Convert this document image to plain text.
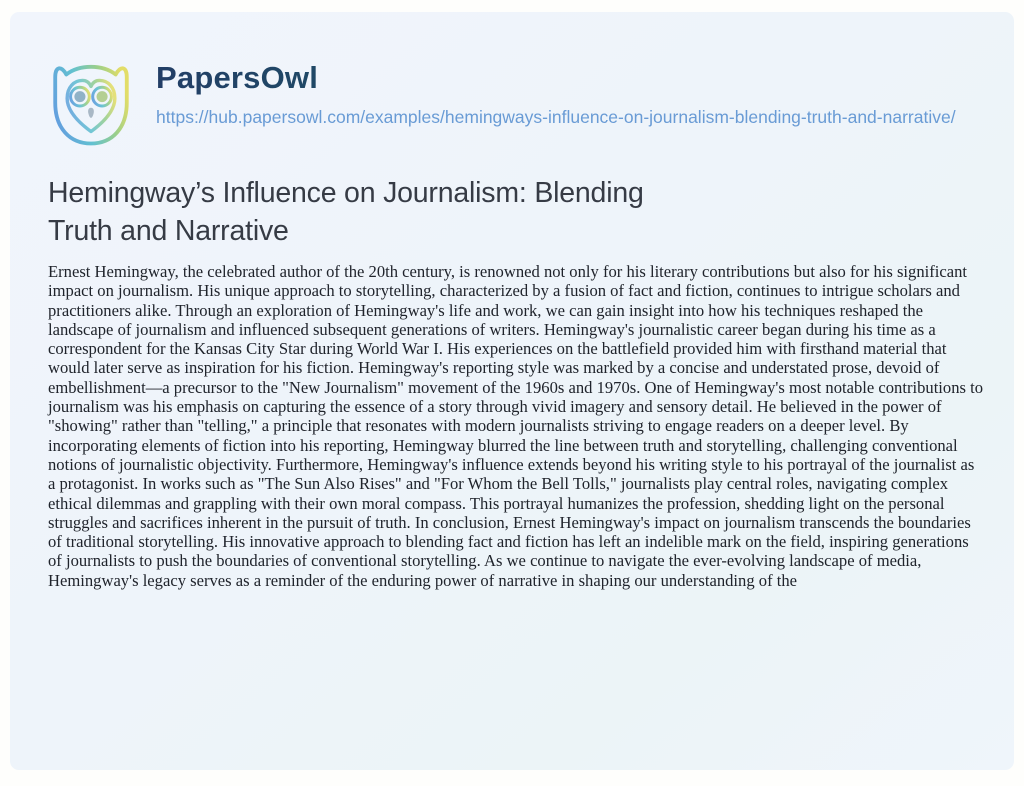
PapersOwl
https://hub.papersowl.com/examples/hemingways-influence-on-journalism-blending-truth-and-narrative/
Hemingway’s Influence on Journalism: Blending Truth and Narrative

Ernest Hemingway, the celebrated author of the 20th century, is renowned not only for his literary contributions but also for his significant impact on journalism. His unique approach to storytelling, characterized by a fusion of fact and fiction, continues to intrigue scholars and practitioners alike. Through an exploration of Hemingway's life and work, we can gain insight into how his techniques reshaped the landscape of journalism and influenced subsequent generations of writers. Hemingway's journalistic career began during his time as a correspondent for the Kansas City Star during World War I. His experiences on the battlefield provided him with firsthand material that would later serve as inspiration for his fiction. Hemingway's reporting style was marked by a concise and understated prose, devoid of embellishment—a precursor to the "New Journalism" movement of the 1960s and 1970s. One of Hemingway's most notable contributions to journalism was his emphasis on capturing the essence of a story through vivid imagery and sensory detail. He believed in the power of "showing" rather than "telling," a principle that resonates with modern journalists striving to engage readers on a deeper level. By incorporating elements of fiction into his reporting, Hemingway blurred the line between truth and storytelling, challenging conventional notions of journalistic objectivity. Furthermore, Hemingway's influence extends beyond his writing style to his portrayal of the journalist as a protagonist. In works such as "The Sun Also Rises" and "For Whom the Bell Tolls," journalists play central roles, navigating complex ethical dilemmas and grappling with their own moral compass. This portrayal humanizes the profession, shedding light on the personal struggles and sacrifices inherent in the pursuit of truth. In conclusion, Ernest Hemingway's impact on journalism transcends the boundaries of traditional storytelling. His innovative approach to blending fact and fiction has left an indelible mark on the field, inspiring generations of journalists to push the boundaries of conventional storytelling. As we continue to navigate the ever-evolving landscape of media, Hemingway's legacy serves as a reminder of the enduring power of narrative in shaping our understanding of the
